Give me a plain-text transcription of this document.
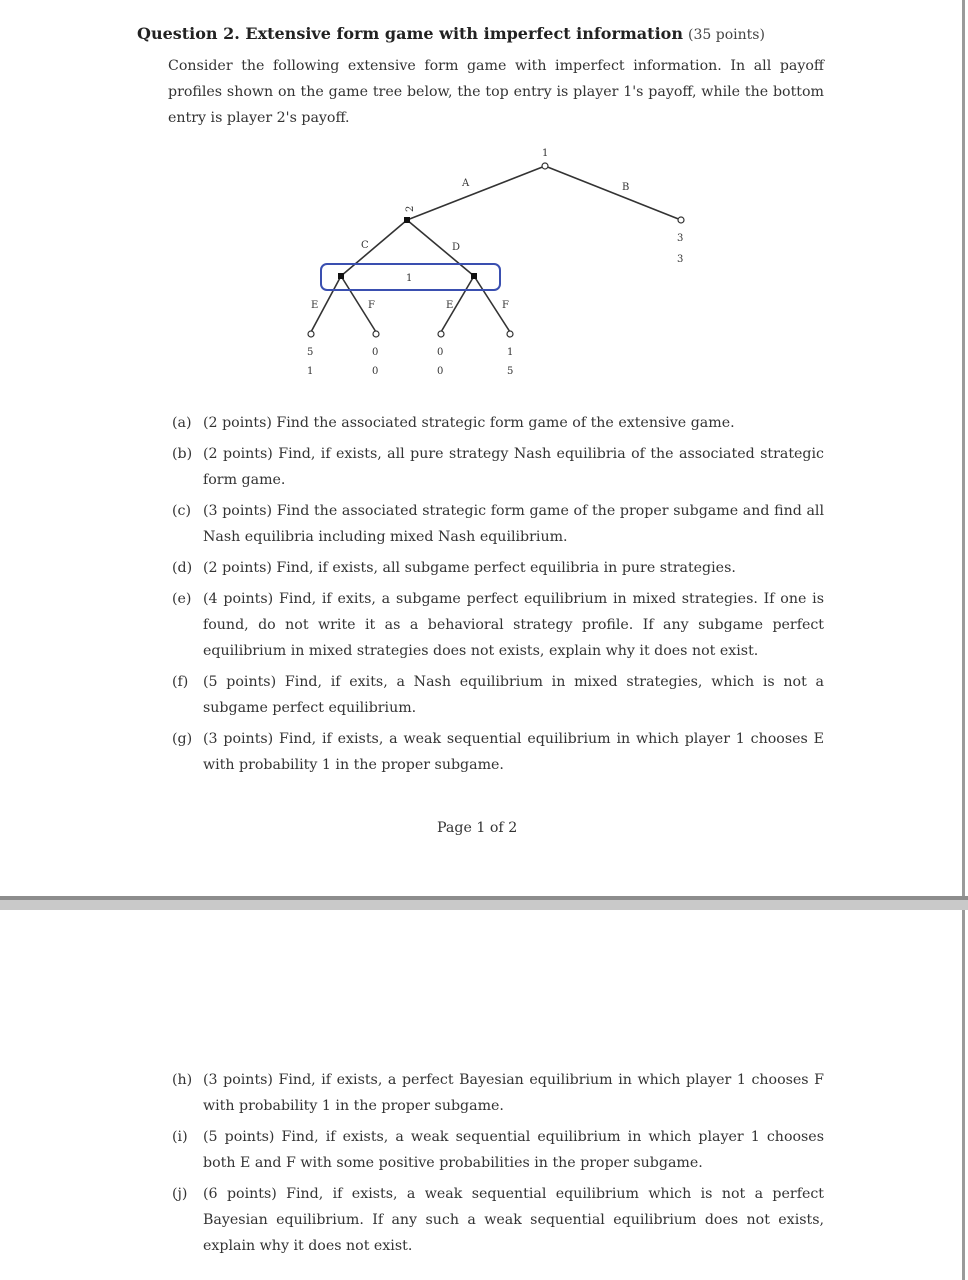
Question 2. Extensive form game with imperfect information (35 points)
Consider the following extensive form game with imperfect information. In all payoff profiles shown on the game tree below, the top entry is player 1's payoff, while the bottom entry is player 2's payoff.
1
A	B
3
3
2
C	D
1
E	F	E	F
5
1
0
0
0
0
1
5
(a) (2 points) Find the associated strategic form game of the extensive game.
(b) (2 points) Find, if exists, all pure strategy Nash equilibria of the associated strategic form game.
(c) (3 points) Find the associated strategic form game of the proper subgame and find all Nash equilibria including mixed Nash equilibrium.
(d) (2 points) Find, if exists, all subgame perfect equilibria in pure strategies.
(e) (4 points) Find, if exits, a subgame perfect equilibrium in mixed strategies. If one is found, do not write it as a behavioral strategy profile. If any subgame perfect equilibrium in mixed strategies does not exists, explain why it does not exist.
(f) (5 points) Find, if exits, a Nash equilibrium in mixed strategies, which is not a subgame perfect equilibrium.
(g) (3 points) Find, if exists, a weak sequential equilibrium in which player 1 chooses E with probability 1 in the proper subgame.
Page 1 of 2
(h) (3 points) Find, if exists, a perfect Bayesian equilibrium in which player 1 chooses F with probability 1 in the proper subgame.
(i) (5 points) Find, if exists, a weak sequential equilibrium in which player 1 chooses both E and F with some positive probabilities in the proper subgame.
(j) (6 points) Find, if exists, a weak sequential equilibrium which is not a perfect Bayesian equilibrium. If any such a weak sequential equilibrium does not exists, explain why it does not exist.
